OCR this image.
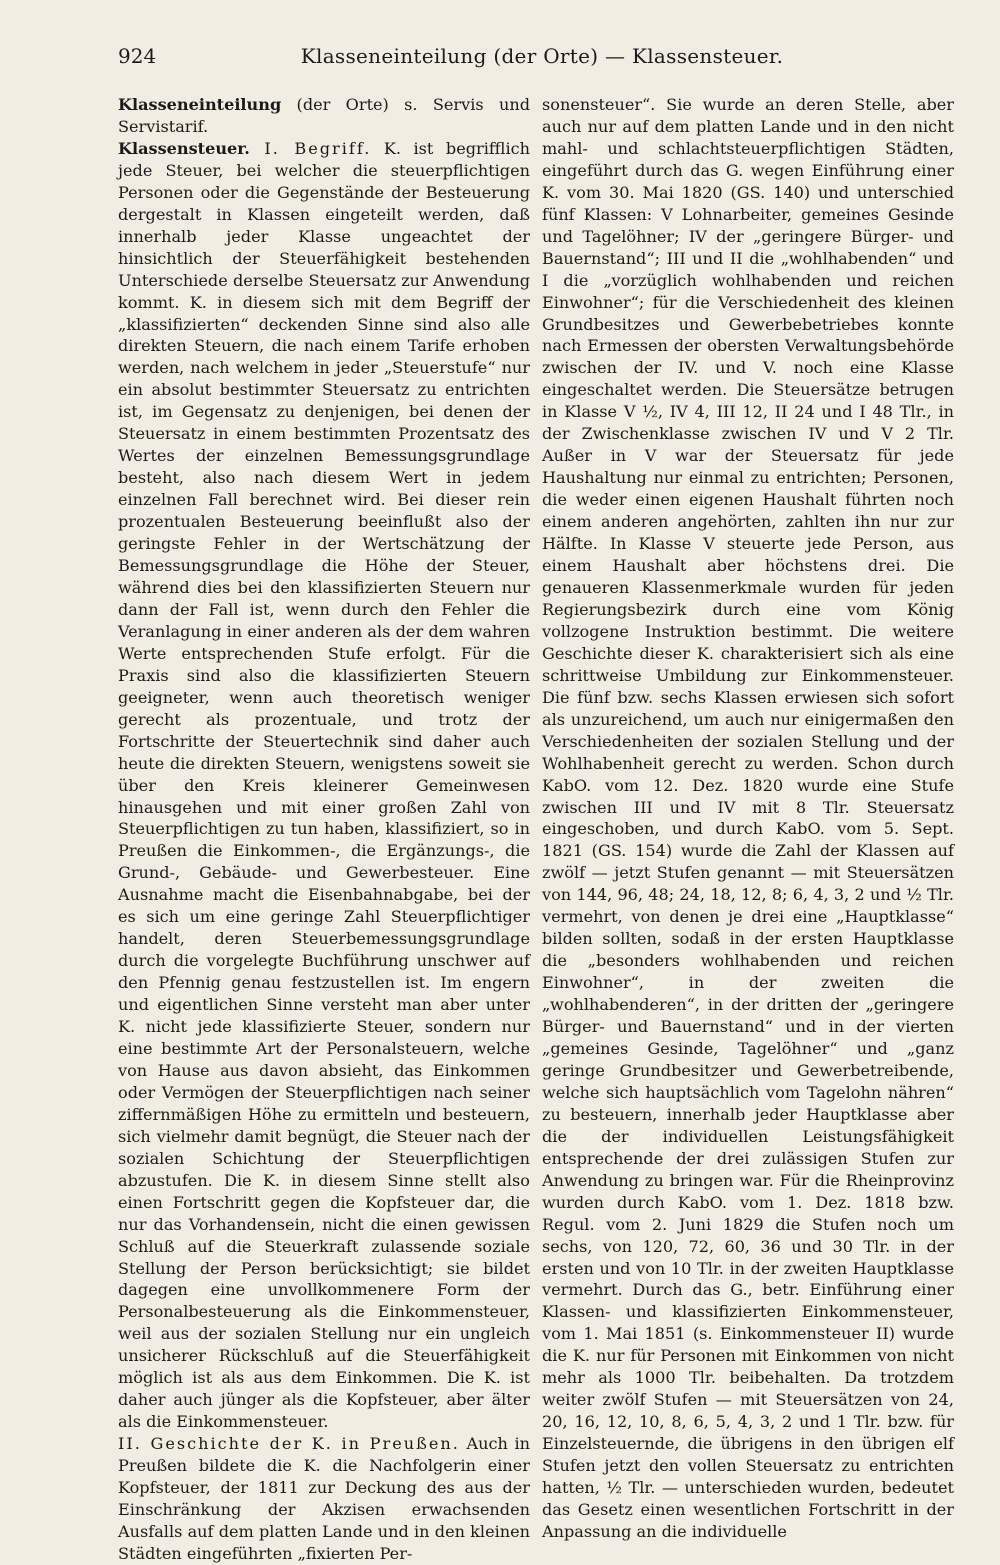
924	Klasseneinteilung (der Orte) — Klassensteuer.

Klasseneinteilung (der Orte) s. Servis und Servistarif.

Klassensteuer. I. Begriff. K. ist begrifflich jede Steuer, bei welcher die steuerpflichtigen Personen oder die Gegenstände der Besteuerung dergestalt in Klassen eingeteilt werden, daß innerhalb jeder Klasse ungeachtet der hinsichtlich der Steuerfähigkeit bestehenden Unterschiede derselbe Steuersatz zur Anwendung kommt. K. in diesem sich mit dem Begriff der „klassifizierten“ deckenden Sinne sind also alle direkten Steuern, die nach einem Tarife erhoben werden, nach welchem in jeder „Steuerstufe“ nur ein absolut bestimmter Steuersatz zu entrichten ist, im Gegensatz zu denjenigen, bei denen der Steuersatz in einem bestimmten Prozentsatz des Wertes der einzelnen Bemessungsgrundlage besteht, also nach diesem Wert in jedem einzelnen Fall berechnet wird. Bei dieser rein prozentualen Besteuerung beeinflußt also der geringste Fehler in der Wertschätzung der Bemessungsgrundlage die Höhe der Steuer, während dies bei den klassifizierten Steuern nur dann der Fall ist, wenn durch den Fehler die Veranlagung in einer anderen als der dem wahren Werte entsprechenden Stufe erfolgt. Für die Praxis sind also die klassifizierten Steuern geeigneter, wenn auch theoretisch weniger gerecht als prozentuale, und trotz der Fortschritte der Steuertechnik sind daher auch heute die direkten Steuern, wenigstens soweit sie über den Kreis kleinerer Gemeinwesen hinausgehen und mit einer großen Zahl von Steuerpflichtigen zu tun haben, klassifiziert, so in Preußen die Einkommen-, die Ergänzungs-, die Grund-, Gebäude- und Gewerbesteuer. Eine Ausnahme macht die Eisenbahnabgabe, bei der es sich um eine geringe Zahl Steuerpflichtiger handelt, deren Steuerbemessungsgrundlage durch die vorgelegte Buchführung unschwer auf den Pfennig genau festzustellen ist. Im engern und eigentlichen Sinne versteht man aber unter K. nicht jede klassifizierte Steuer, sondern nur eine bestimmte Art der Personalsteuern, welche von Hause aus davon absieht, das Einkommen oder Vermögen der Steuerpflichtigen nach seiner ziffernmäßigen Höhe zu ermitteln und besteuern, sich vielmehr damit begnügt, die Steuer nach der sozialen Schichtung der Steuerpflichtigen abzustufen. Die K. in diesem Sinne stellt also einen Fortschritt gegen die Kopfsteuer dar, die nur das Vorhandensein, nicht die einen gewissen Schluß auf die Steuerkraft zulassende soziale Stellung der Person berücksichtigt; sie bildet dagegen eine unvollkommenere Form der Personalbesteuerung als die Einkommensteuer, weil aus der sozialen Stellung nur ein ungleich unsicherer Rückschluß auf die Steuerfähigkeit möglich ist als aus dem Einkommen. Die K. ist daher auch jünger als die Kopfsteuer, aber älter als die Einkommensteuer.

II. Geschichte der K. in Preußen. Auch in Preußen bildete die K. die Nachfolgerin einer Kopfsteuer, der 1811 zur Deckung des aus der Einschränkung der Akzisen erwachsenden Ausfalls auf dem platten Lande und in den kleinen Städten eingeführten „fixierten Per-

sonensteuer“. Sie wurde an deren Stelle, aber auch nur auf dem platten Lande und in den nicht mahl- und schlachtsteuerpflichtigen Städten, eingeführt durch das G. wegen Einführung einer K. vom 30. Mai 1820 (GS. 140) und unterschied fünf Klassen: V Lohnarbeiter, gemeines Gesinde und Tagelöhner; IV der „geringere Bürger- und Bauernstand“; III und II die „wohlhabenden“ und I die „vorzüglich wohlhabenden und reichen Einwohner“; für die Verschiedenheit des kleinen Grundbesitzes und Gewerbebetriebes konnte nach Ermessen der obersten Verwaltungsbehörde zwischen der IV. und V. noch eine Klasse eingeschaltet werden. Die Steuersätze betrugen in Klasse V ½, IV 4, III 12, II 24 und I 48 Tlr., in der Zwischenklasse zwischen IV und V 2 Tlr. Außer in V war der Steuersatz für jede Haushaltung nur einmal zu entrichten; Personen, die weder einen eigenen Haushalt führten noch einem anderen angehörten, zahlten ihn nur zur Hälfte. In Klasse V steuerte jede Person, aus einem Haushalt aber höchstens drei. Die genaueren Klassenmerkmale wurden für jeden Regierungsbezirk durch eine vom König vollzogene Instruktion bestimmt. Die weitere Geschichte dieser K. charakterisiert sich als eine schrittweise Umbildung zur Einkommensteuer. Die fünf bzw. sechs Klassen erwiesen sich sofort als unzureichend, um auch nur einigermaßen den Verschiedenheiten der sozialen Stellung und der Wohlhabenheit gerecht zu werden. Schon durch KabO. vom 12. Dez. 1820 wurde eine Stufe zwischen III und IV mit 8 Tlr. Steuersatz eingeschoben, und durch KabO. vom 5. Sept. 1821 (GS. 154) wurde die Zahl der Klassen auf zwölf — jetzt Stufen genannt — mit Steuersätzen von 144, 96, 48; 24, 18, 12, 8; 6, 4, 3, 2 und ½ Tlr. vermehrt, von denen je drei eine „Hauptklasse“ bilden sollten, sodaß in der ersten Hauptklasse die „besonders wohlhabenden und reichen Einwohner“, in der zweiten die „wohlhabenderen“, in der dritten der „geringere Bürger- und Bauernstand“ und in der vierten „gemeines Gesinde, Tagelöhner“ und „ganz geringe Grundbesitzer und Gewerbetreibende, welche sich hauptsächlich vom Tagelohn nähren“ zu besteuern, innerhalb jeder Hauptklasse aber die der individuellen Leistungsfähigkeit entsprechende der drei zulässigen Stufen zur Anwendung zu bringen war. Für die Rheinprovinz wurden durch KabO. vom 1. Dez. 1818 bzw. Regul. vom 2. Juni 1829 die Stufen noch um sechs, von 120, 72, 60, 36 und 30 Tlr. in der ersten und von 10 Tlr. in der zweiten Hauptklasse vermehrt. Durch das G., betr. Einführung einer Klassen- und klassifizierten Einkommensteuer, vom 1. Mai 1851 (s. Einkommensteuer II) wurde die K. nur für Personen mit Einkommen von nicht mehr als 1000 Tlr. beibehalten. Da trotzdem weiter zwölf Stufen — mit Steuersätzen von 24, 20, 16, 12, 10, 8, 6, 5, 4, 3, 2 und 1 Tlr. bzw. für Einzelsteuernde, die übrigens in den übrigen elf Stufen jetzt den vollen Steuersatz zu entrichten hatten, ½ Tlr. — unterschieden wurden, bedeutet das Gesetz einen wesentlichen Fortschritt in der Anpassung an die individuelle
